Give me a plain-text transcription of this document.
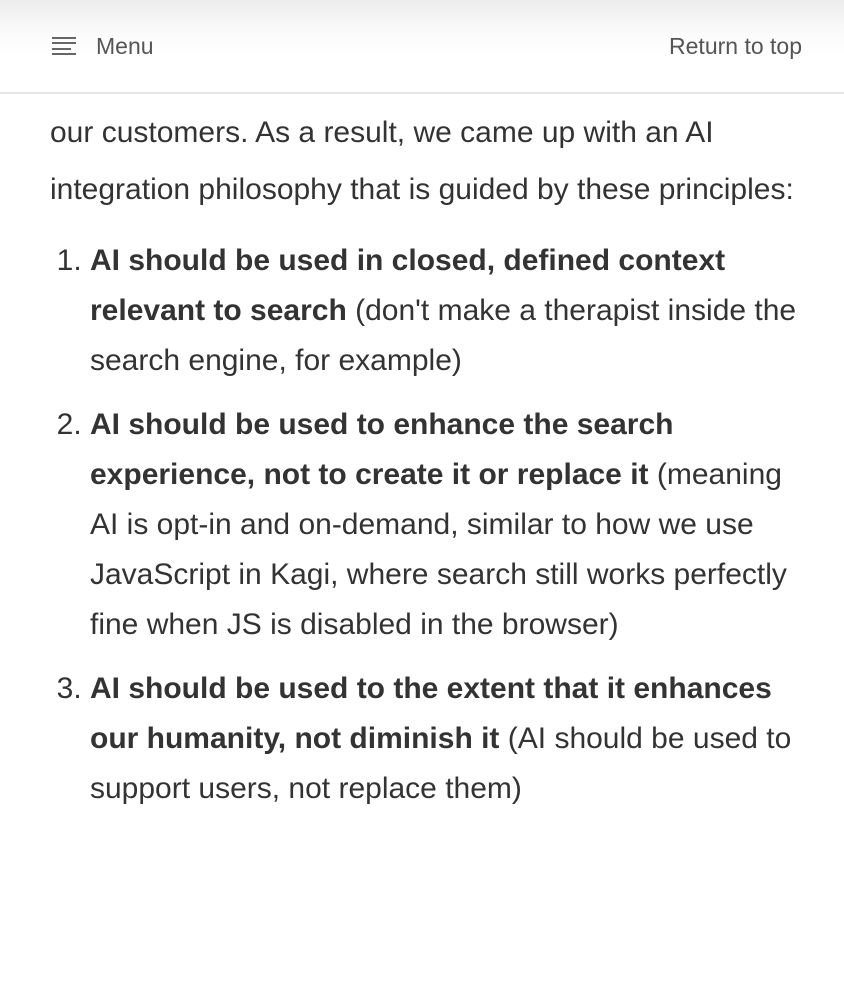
Menu	Return to top

our customers. As a result, we came up with an AI integration philosophy that is guided by these principles:

1. AI should be used in closed, defined context relevant to search (don't make a therapist inside the search engine, for example)
2. AI should be used to enhance the search experience, not to create it or replace it (meaning AI is opt-in and on-demand, similar to how we use JavaScript in Kagi, where search still works perfectly fine when JS is disabled in the browser)
3. AI should be used to the extent that it enhances our humanity, not diminish it (AI should be used to support users, not replace them)
